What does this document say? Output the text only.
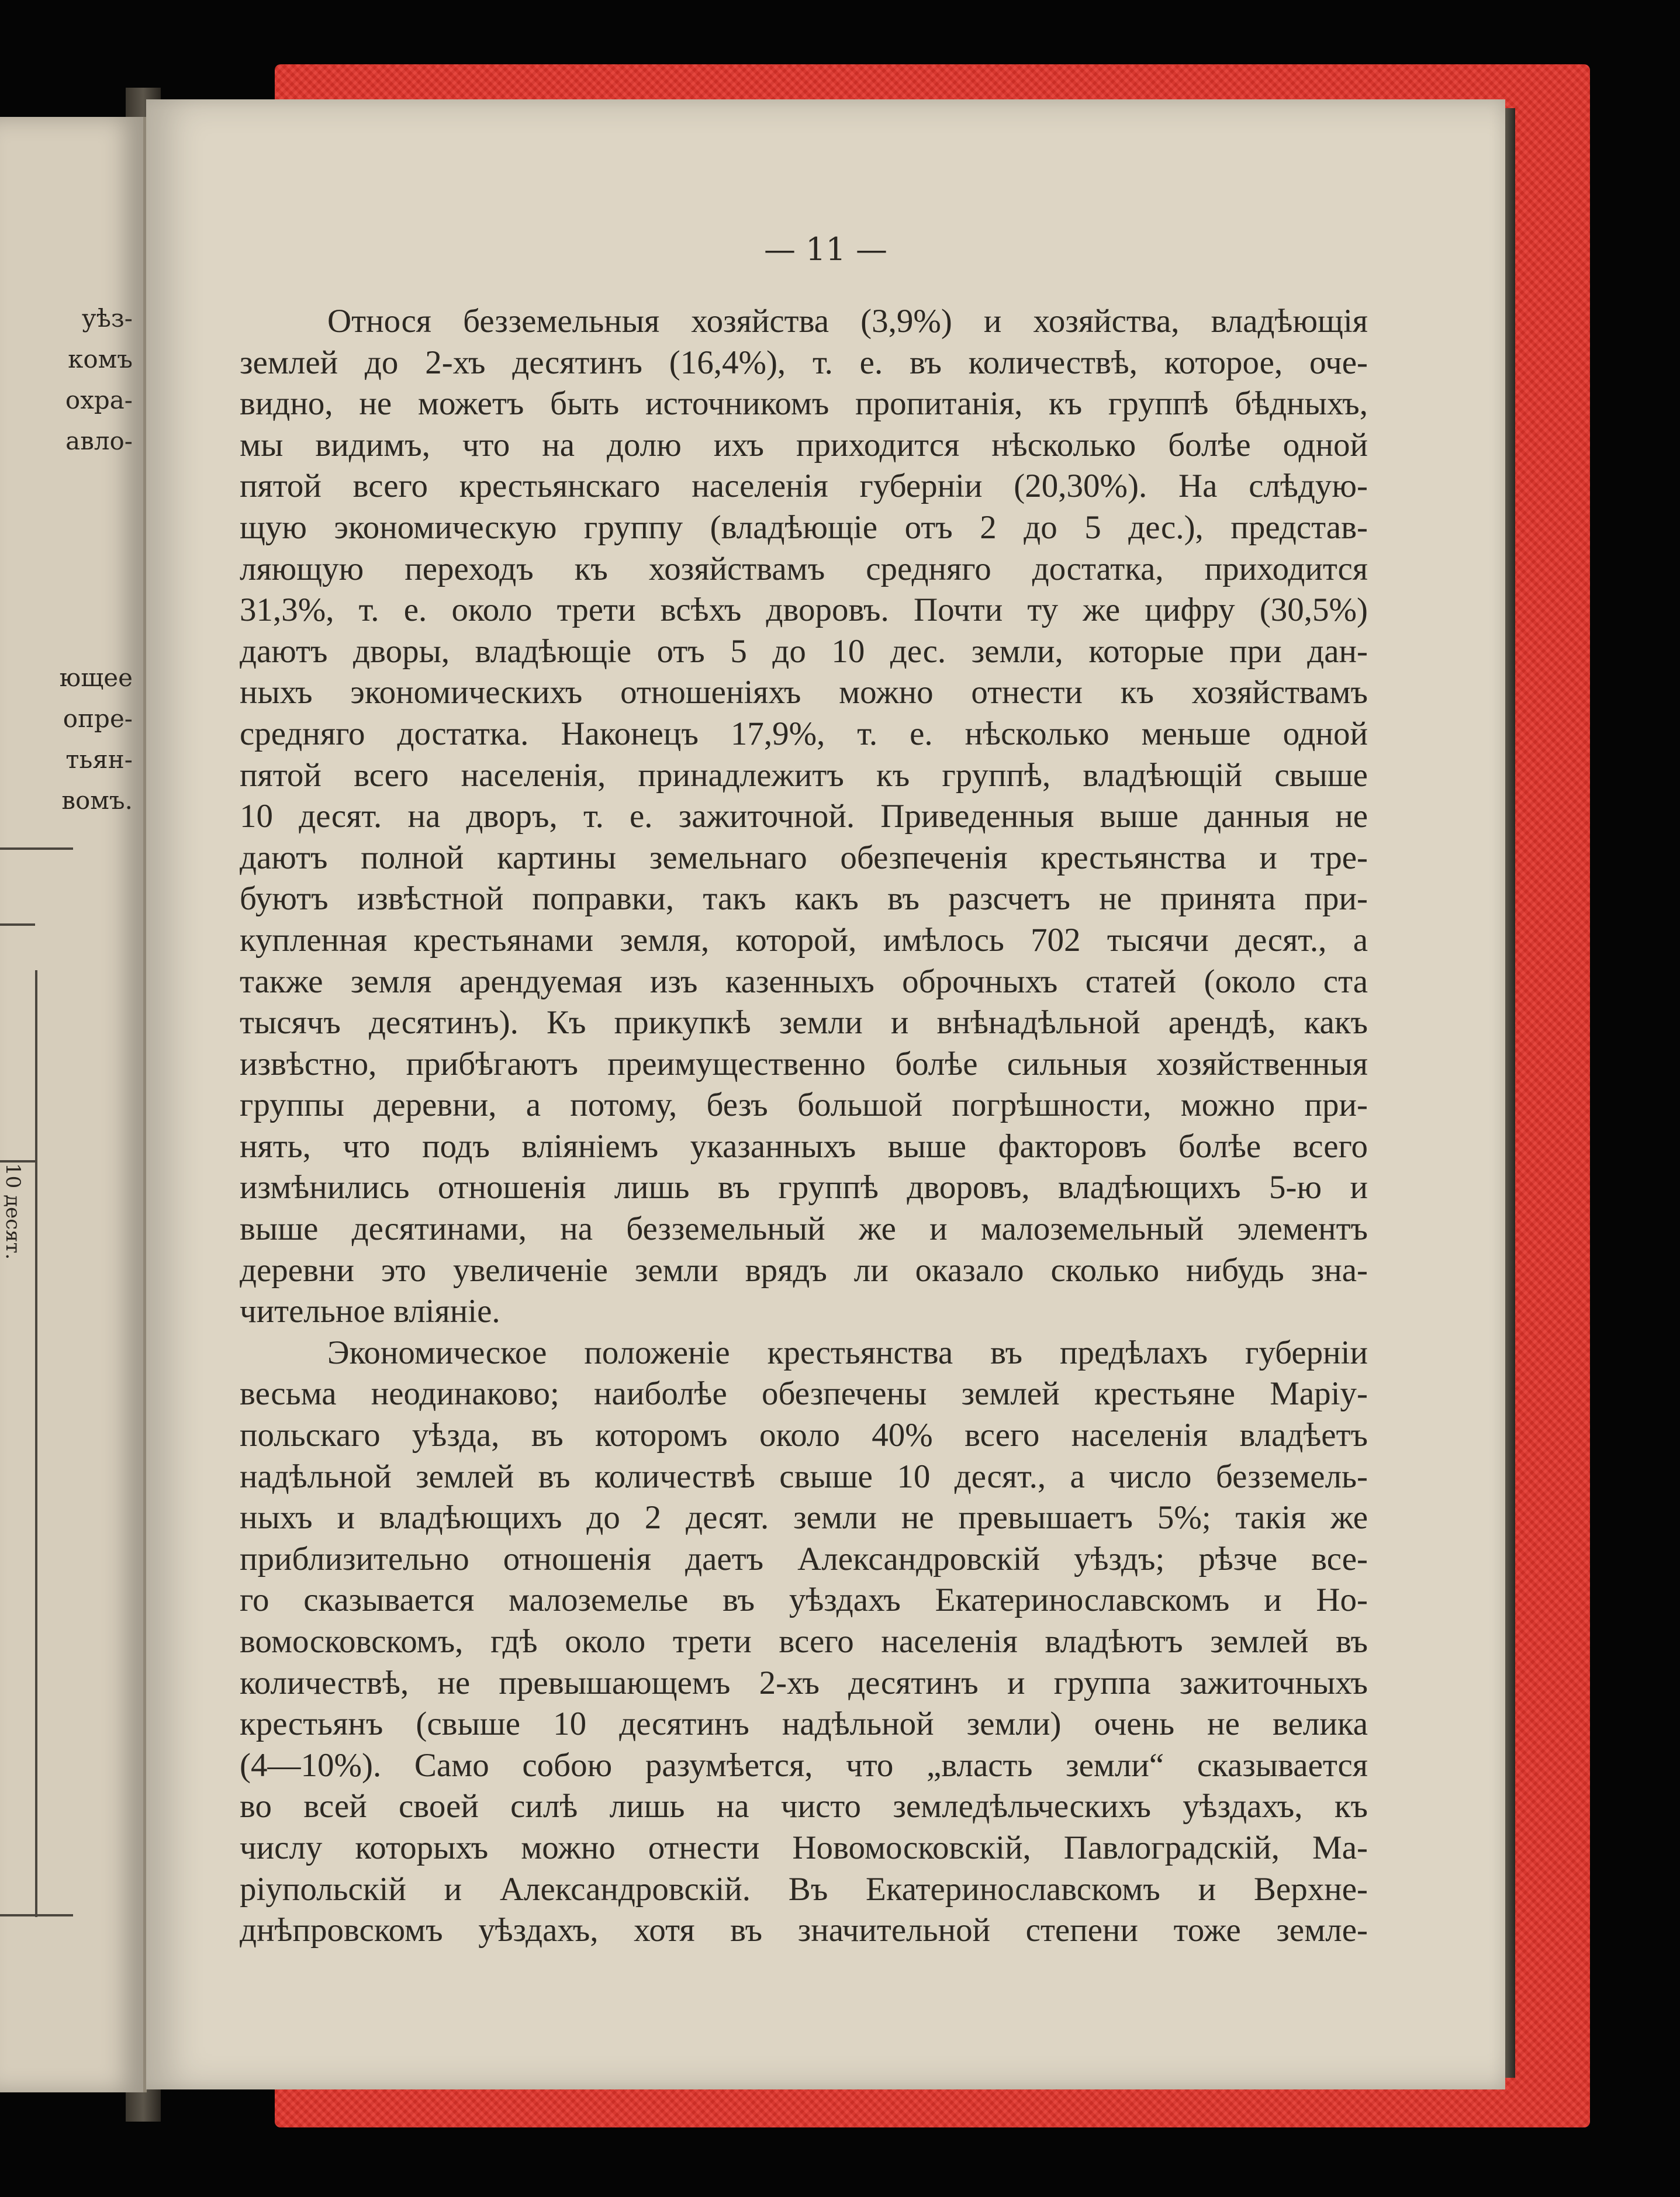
уѣз-
комъ
охра-
авло-
ющее
опре-
тьян-
вомъ.
10 десят.
— 11 —
Относя безземельныя хозяйства (3,9%) и хозяйства, владѣющія
землей до 2-хъ десятинъ (16,4%), т. е. въ количествѣ, которое, оче-
видно, не можетъ быть источникомъ пропитанія, къ группѣ бѣдныхъ,
мы видимъ, что на долю ихъ приходится нѣсколько болѣе одной
пятой всего крестьянскаго населенія губерніи (20,30%). На слѣдую-
щую экономическую группу (владѣющіе отъ 2 до 5 дес.), представ-
ляющую переходъ къ хозяйствамъ средняго достатка, приходится
31,3%, т. е. около трети всѣхъ дворовъ. Почти ту же цифру (30,5%)
даютъ дворы, владѣющіе отъ 5 до 10 дес. земли, которые при дан-
ныхъ экономическихъ отношеніяхъ можно отнести къ хозяйствамъ
средняго достатка. Наконецъ 17,9%, т. е. нѣсколько меньше одной
пятой всего населенія, принадлежитъ къ группѣ, владѣющій свыше
10 десят. на дворъ, т. е. зажиточной. Приведенныя выше данныя не
даютъ полной картины земельнаго обезпеченія крестьянства и тре-
буютъ извѣстной поправки, такъ какъ въ разсчетъ не принята при-
купленная крестьянами земля, которой, имѣлось 702 тысячи десят., а
также земля арендуемая изъ казенныхъ оброчныхъ статей (около ста
тысячъ десятинъ). Къ прикупкѣ земли и внѣнадѣльной арендѣ, какъ
извѣстно, прибѣгаютъ преимущественно болѣе сильныя хозяйственныя
группы деревни, а потому, безъ большой погрѣшности, можно при-
нять, что подъ вліяніемъ указанныхъ выше факторовъ болѣе всего
измѣнились отношенія лишь въ группѣ дворовъ, владѣющихъ 5-ю и
выше десятинами, на безземельный же и малоземельный элементъ
деревни это увеличеніе земли врядъ ли оказало сколько нибудь зна-
чительное вліяніе.
Экономическое положеніе крестьянства въ предѣлахъ губерніи
весьма неодинаково; наиболѣе обезпечены землей крестьяне Маріу-
польскаго уѣзда, въ которомъ около 40% всего населенія владѣетъ
надѣльной землей въ количествѣ свыше 10 десят., а число безземель-
ныхъ и владѣющихъ до 2 десят. земли не превышаетъ 5%; такія же
приблизительно отношенія даетъ Александровскій уѣздъ; рѣзче все-
го сказывается малоземелье въ уѣздахъ Екатеринославскомъ и Но-
вомосковскомъ, гдѣ около трети всего населенія владѣютъ землей въ
количествѣ, не превышающемъ 2-хъ десятинъ и группа зажиточныхъ
крестьянъ (свыше 10 десятинъ надѣльной земли) очень не велика
(4—10%). Само собою разумѣется, что „власть земли“ сказывается
во всей своей силѣ лишь на чисто земледѣльческихъ уѣздахъ, къ
числу которыхъ можно отнести Новомосковскій, Павлоградскій, Ма-
ріупольскій и Александровскій. Въ Екатеринославскомъ и Верхне-
днѣпровскомъ уѣздахъ, хотя въ значительной степени тоже земле-
